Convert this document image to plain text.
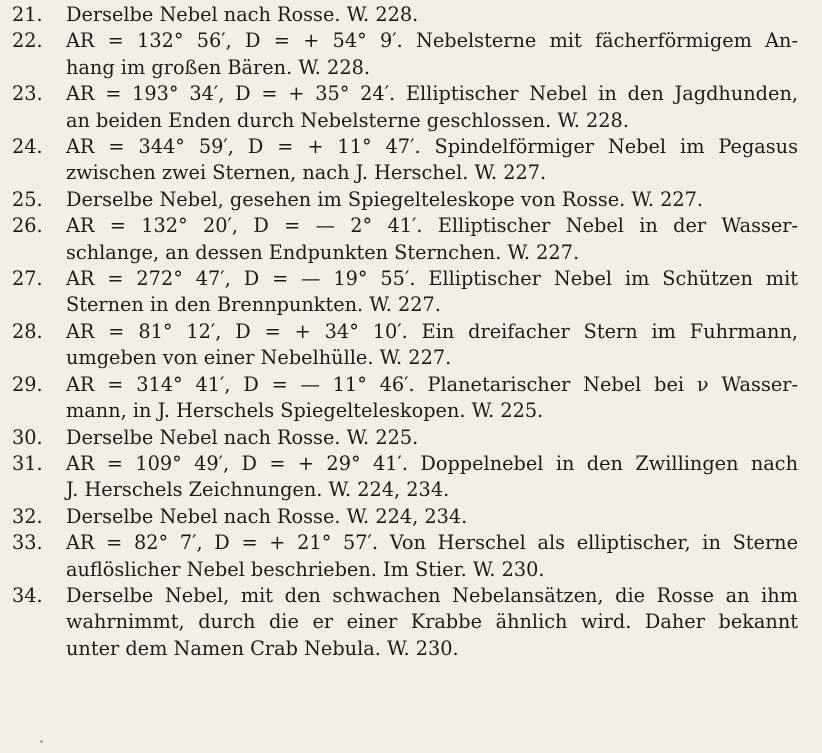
21.	Derselbe Nebel nach Rosse. W. 228.
22.	AR = 132° 56′, D = + 54° 9′. Nebelsterne mit fächerförmigem An-
hang im großen Bären. W. 228.
23.	AR = 193° 34′, D = + 35° 24′. Elliptischer Nebel in den Jagdhunden,
an beiden Enden durch Nebelsterne geschlossen. W. 228.
24.	AR = 344° 59′, D = + 11° 47′. Spindelförmiger Nebel im Pegasus
zwischen zwei Sternen, nach J. Herschel. W. 227.
25.	Derselbe Nebel, gesehen im Spiegelteleskope von Rosse. W. 227.
26.	AR = 132° 20′, D = — 2° 41′. Elliptischer Nebel in der Wasser-
schlange, an dessen Endpunkten Sternchen. W. 227.
27.	AR = 272° 47′, D = — 19° 55′. Elliptischer Nebel im Schützen mit
Sternen in den Brennpunkten. W. 227.
28.	AR = 81° 12′, D = + 34° 10′. Ein dreifacher Stern im Fuhrmann,
umgeben von einer Nebelhülle. W. 227.
29.	AR = 314° 41′, D = — 11° 46′. Planetarischer Nebel bei ν Wasser-
mann, in J. Herschels Spiegelteleskopen. W. 225.
30.	Derselbe Nebel nach Rosse. W. 225.
31.	AR = 109° 49′, D = + 29° 41′. Doppelnebel in den Zwillingen nach
J. Herschels Zeichnungen. W. 224, 234.
32.	Derselbe Nebel nach Rosse. W. 224, 234.
33.	AR = 82° 7′, D = + 21° 57′. Von Herschel als elliptischer, in Sterne
auflöslicher Nebel beschrieben. Im Stier. W. 230.
34.	Derselbe Nebel, mit den schwachen Nebelansätzen, die Rosse an ihm
wahrnimmt, durch die er einer Krabbe ähnlich wird. Daher bekannt
unter dem Namen Crab Nebula. W. 230.
